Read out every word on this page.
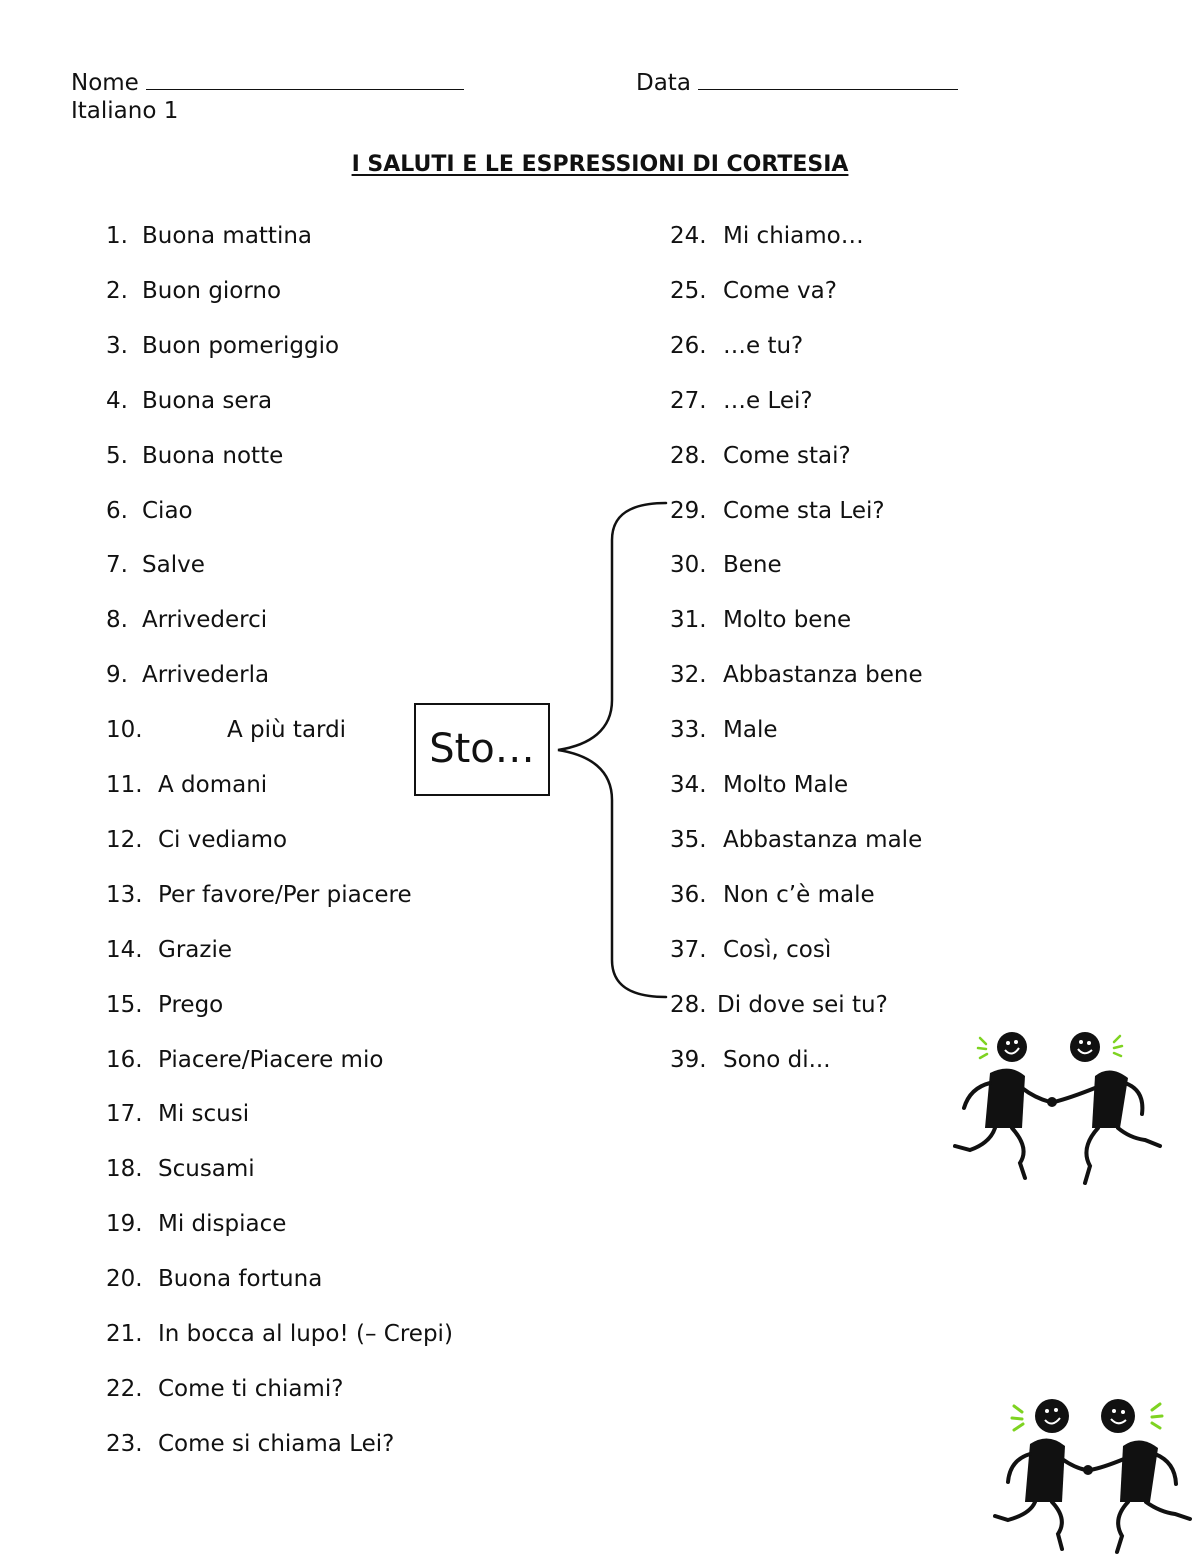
Nome	Data
Italiano 1
I SALUTI E LE ESPRESSIONI DI CORTESIA
1. Buona mattina
2. Buon giorno
3. Buon pomeriggio
4. Buona sera
5. Buona notte
6. Ciao
7. Salve
8. Arrivederci
9. Arrivederla
10.	A più tardi
11. A domani
12. Ci vediamo
13. Per favore/Per piacere
14. Grazie
15. Prego
16. Piacere/Piacere mio
17. Mi scusi
18. Scusami
19. Mi dispiace
20. Buona fortuna
21. In bocca al lupo! (– Crepi)
22. Come ti chiami?
23. Come si chiama Lei?
24. Mi chiamo…
25. Come va?
26. …e tu?
27. …e Lei?
28. Come stai?
29. Come sta Lei?
30. Bene
31. Molto bene
32. Abbastanza bene
33. Male
34. Molto Male
35. Abbastanza male
36. Non c’è male
37. Così, così
28. Di dove sei tu?
39. Sono di...
Sto…
